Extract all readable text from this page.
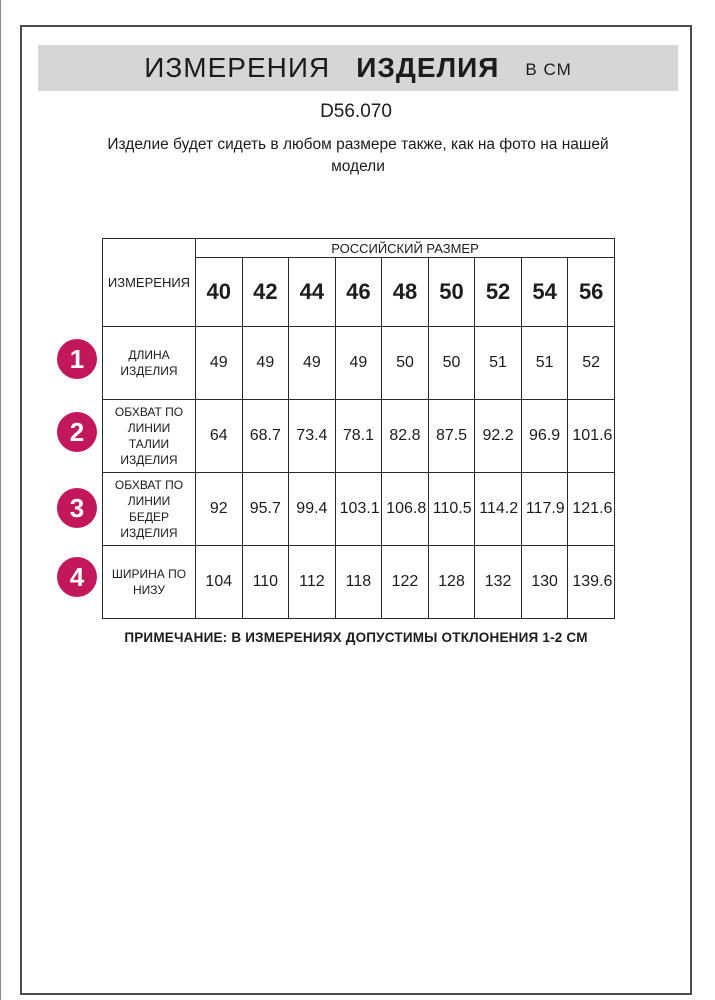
ИЗМЕРЕНИЯ ИЗДЕЛИЯ В СМ
D56.070
Изделие будет сидеть в любом размере также, как на фото на нашей модели
ИЗМЕРЕНИЯ	РОССИЙСКИЙ РАЗМЕР								
	40	42	44	46	48	50	52	54	56
ДЛИНА ИЗДЕЛИЯ	49	49	49	49	50	50	51	51	52
ОБХВАТ ПО ЛИНИИ ТАЛИИ ИЗДЕЛИЯ	64	68.7	73.4	78.1	82.8	87.5	92.2	96.9	101.6
ОБХВАТ ПО ЛИНИИ БЕДЕР ИЗДЕЛИЯ	92	95.7	99.4	103.1	106.8	110.5	114.2	117.9	121.6
ШИРИНА ПО НИЗУ	104	110	112	118	122	128	132	130	139.6
1
2
3
4
ПРИМЕЧАНИЕ: В ИЗМЕРЕНИЯХ ДОПУСТИМЫ ОТКЛОНЕНИЯ 1-2 СМ
